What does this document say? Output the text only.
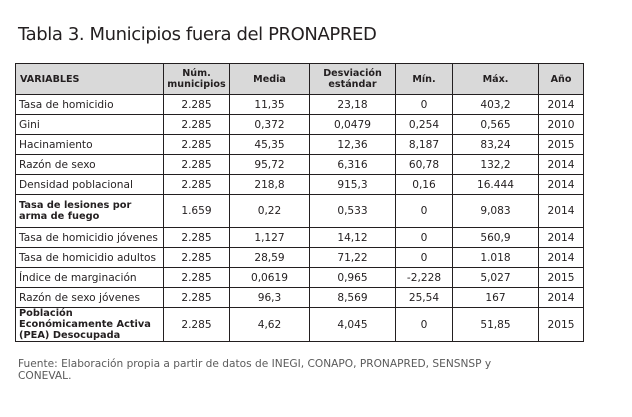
Tabla 3. Municipios fuera del PRONAPRED
VARIABLES	Núm. municipios	Media	Desviación estándar	Mín.	Máx.	Año
Tasa de homicidio	2.285	11,35	23,18	0	403,2	2014
Gini	2.285	0,372	0,0479	0,254	0,565	2010
Hacinamiento	2.285	45,35	12,36	8,187	83,24	2015
Razón de sexo	2.285	95,72	6,316	60,78	132,2	2014
Densidad poblacional	2.285	218,8	915,3	0,16	16.444	2014
Tasa de lesiones por arma de fuego	1.659	0,22	0,533	0	9,083	2014
Tasa de homicidio jóvenes	2.285	1,127	14,12	0	560,9	2014
Tasa de homicidio adultos	2.285	28,59	71,22	0	1.018	2014
Índice de marginación	2.285	0,0619	0,965	-2,228	5,027	2015
Razón de sexo jóvenes	2.285	96,3	8,569	25,54	167	2014
Población Económicamente Activa (PEA) Desocupada	2.285	4,62	4,045	0	51,85	2015
Fuente: Elaboración propia a partir de datos de INEGI, CONAPO, PRONAPRED, SENSNSP y CONEVAL.
